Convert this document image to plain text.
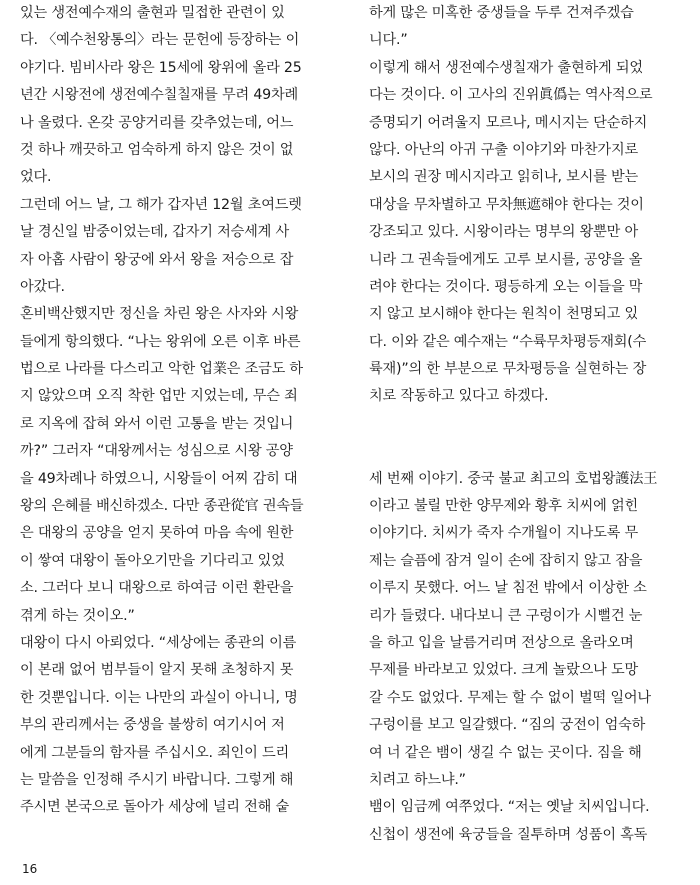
있는 생전예수재의 출현과 밀접한 관련이 있
다. 〈예수천왕통의〉라는 문헌에 등장하는 이
야기다. 빔비사라 왕은 15세에 왕위에 올라 25
년간 시왕전에 생전예수칠칠재를 무려 49차례
나 올렸다. 온갖 공양거리를 갖추었는데, 어느
것 하나 깨끗하고 엄숙하게 하지 않은 것이 없
었다.
그런데 어느 날, 그 해가 갑자년 12월 초여드렛
날 경신일 밤중이었는데, 갑자기 저승세계 사
자 아홉 사람이 왕궁에 와서 왕을 저승으로 잡
아갔다.
혼비백산했지만 정신을 차린 왕은 사자와 시왕
들에게 항의했다. “나는 왕위에 오른 이후 바른
법으로 나라를 다스리고 악한 업業은 조금도 하
지 않았으며 오직 착한 업만 지었는데, 무슨 죄
로 지옥에 잡혀 와서 이런 고통을 받는 것입니
까?” 그러자 “대왕께서는 성심으로 시왕 공양
을 49차례나 하였으니, 시왕들이 어찌 감히 대
왕의 은혜를 배신하겠소. 다만 종관從官 권속들
은 대왕의 공양을 얻지 못하여 마음 속에 원한
이 쌓여 대왕이 돌아오기만을 기다리고 있었
소. 그러다 보니 대왕으로 하여금 이런 환란을
겪게 하는 것이오.”
대왕이 다시 아뢰었다. “세상에는 종관의 이름
이 본래 없어 범부들이 알지 못해 초청하지 못
한 것뿐입니다. 이는 나만의 과실이 아니니, 명
부의 관리께서는 중생을 불쌍히 여기시어 저
에게 그분들의 함자를 주십시오. 죄인이 드리
는 말씀을 인정해 주시기 바랍니다. 그렇게 해
주시면 본국으로 돌아가 세상에 널리 전해 숱
하게 많은 미혹한 중생들을 두루 건져주겠습
니다.”
이렇게 해서 생전예수생칠재가 출현하게 되었
다는 것이다. 이 고사의 진위眞僞는 역사적으로
증명되기 어려울지 모르나, 메시지는 단순하지
않다. 아난의 아귀 구출 이야기와 마찬가지로
보시의 권장 메시지라고 읽히나, 보시를 받는
대상을 무차별하고 무차無遮해야 한다는 것이
강조되고 있다. 시왕이라는 명부의 왕뿐만 아
니라 그 권속들에게도 고루 보시를, 공양을 올
려야 한다는 것이다. 평등하게 오는 이들을 막
지 않고 보시해야 한다는 원칙이 천명되고 있
다. 이와 같은 예수재는 “수륙무차평등재회(수
륙재)”의 한 부분으로 무차평등을 실현하는 장
치로 작동하고 있다고 하겠다.
세 번째 이야기. 중국 불교 최고의 호법왕護法王
이라고 불릴 만한 양무제와 황후 치씨에 얽힌
이야기다. 치씨가 죽자 수개월이 지나도록 무
제는 슬픔에 잠겨 일이 손에 잡히지 않고 잠을
이루지 못했다. 어느 날 침전 밖에서 이상한 소
리가 들렸다. 내다보니 큰 구렁이가 시뻘건 눈
을 하고 입을 날름거리며 전상으로 올라오며
무제를 바라보고 있었다. 크게 놀랐으나 도망
갈 수도 없었다. 무제는 할 수 없이 벌떡 일어나
구렁이를 보고 일갈했다. “짐의 궁전이 엄숙하
여 너 같은 뱀이 생길 수 없는 곳이다. 짐을 해
치려고 하느냐.”
뱀이 임금께 여쭈었다. “저는 옛날 치씨입니다.
신첩이 생전에 육궁들을 질투하며 성품이 혹독
16
